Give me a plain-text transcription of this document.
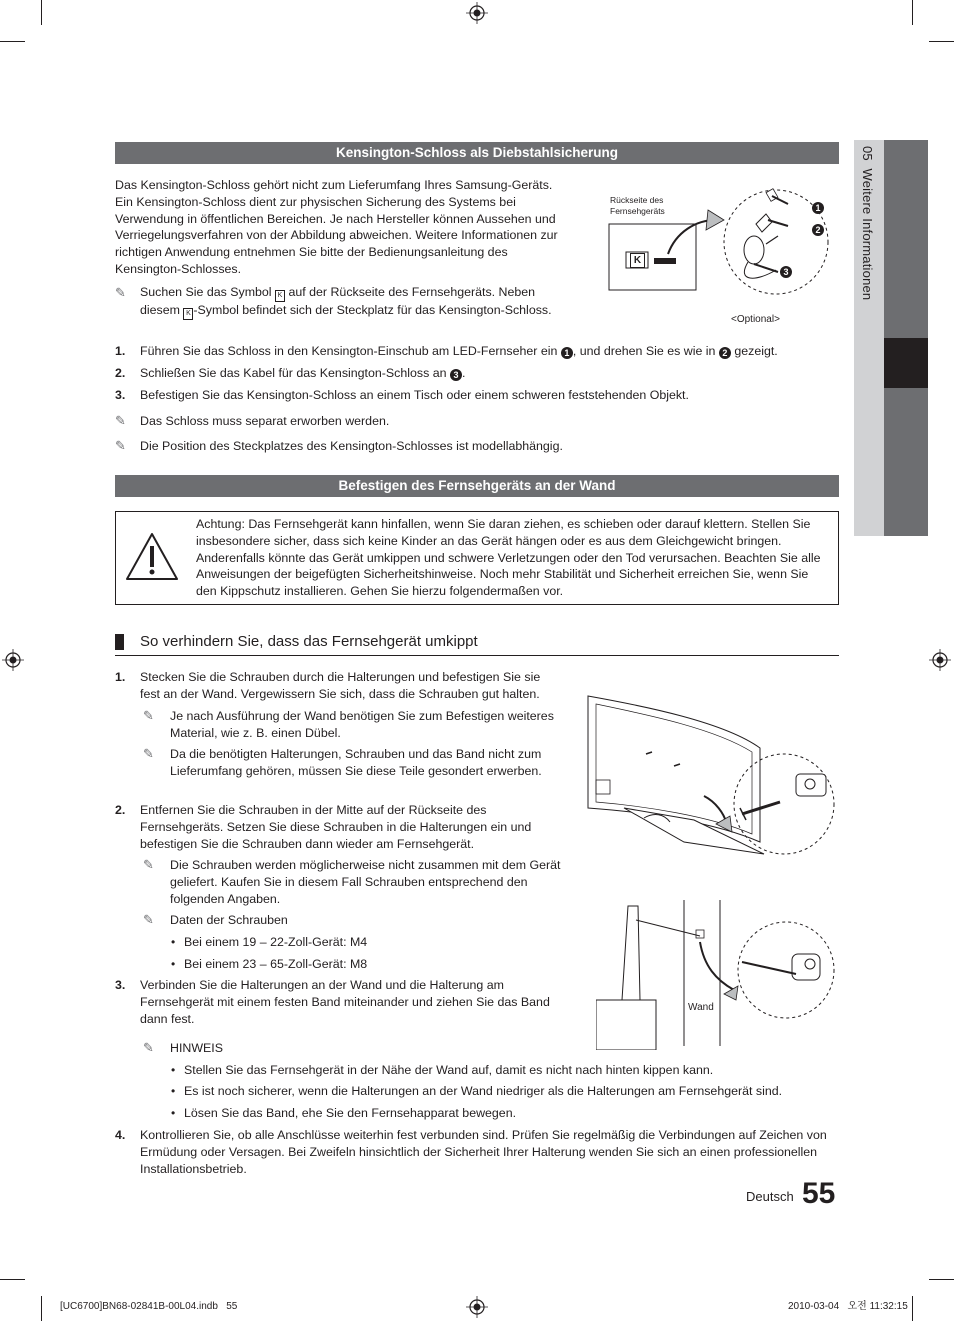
05  Weitere Informationen
Kensington-Schloss als Diebstahlsicherung

Das Kensington-Schloss gehört nicht zum Lieferumfang Ihres Samsung-Geräts. Ein Kensington-Schloss dient zur physischen Sicherung des Systems bei Verwendung in öffentlichen Bereichen. Je nach Hersteller können Aussehen und Verriegelungsverfahren von der Abbildung abweichen. Weitere Informationen zur richtigen Anwendung entnehmen Sie bitte der Bedienungsanleitung des Kensington-Schlosses.

✎ Suchen Sie das Symbol K auf der Rückseite des Fernsehgeräts. Neben diesem K -Symbol befindet sich der Steckplatz für das Kensington-Schloss.

Rückseite des Fernsehgeräts
K
1
2
3
<Optional>
1. Führen Sie das Schloss in den Kensington-Einschub am LED-Fernseher ein 1 , und drehen Sie es wie in 2 gezeigt.

2. Schließen Sie das Kabel für das Kensington-Schloss an 3 .

3. Befestigen Sie das Kensington-Schloss an einem Tisch oder einem schweren feststehenden Objekt.

✎ Das Schloss muss separat erworben werden.

✎ Die Position des Steckplatzes des Kensington-Schlosses ist modellabhängig.

Befestigen des Fernsehgeräts an der Wand

Achtung: Das Fernsehgerät kann hinfallen, wenn Sie daran ziehen, es schieben oder darauf klettern. Stellen Sie insbesondere sicher, dass sich keine Kinder an das Gerät hängen oder es aus dem Gleichgewicht bringen. Anderenfalls könnte das Gerät umkippen und schwere Verletzungen oder den Tod verursachen. Beachten Sie alle Anweisungen der beigefügten Sicherheitshinweise. Noch mehr Stabilität und Sicherheit erreichen Sie, wenn Sie den Kippschutz installieren. Gehen Sie hierzu folgendermaßen vor.

So verhindern Sie, dass das Fernsehgerät umkippt
1. Stecken Sie die Schrauben durch die Halterungen und befestigen Sie sie fest an der Wand. Vergewissern Sie sich, dass die Schrauben gut halten.

✎ Je nach Ausführung der Wand benötigen Sie zum Befestigen weiteres Material, wie z. B. einen Dübel.

✎ Da die benötigten Halterungen, Schrauben und das Band nicht zum Lieferumfang gehören, müssen Sie diese Teile gesondert erwerben.

2. Entfernen Sie die Schrauben in der Mitte auf der Rückseite des Fernsehgeräts. Setzen Sie diese Schrauben in die Halterungen ein und befestigen Sie die Schrauben dann wieder am Fernsehgerät.

✎ Die Schrauben werden möglicherweise nicht zusammen mit dem Gerät geliefert. Kaufen Sie in diesem Fall Schrauben entsprechend den folgenden Angaben.

✎ Daten der Schrauben

• Bei einem 19 – 22-Zoll-Gerät: M4

• Bei einem 23 – 65-Zoll-Gerät: M8

3. Verbinden Sie die Halterungen an der Wand und die Halterung am Fernsehgerät mit einem festen Band miteinander und ziehen Sie das Band dann fest.

✎ HINWEIS

• Stellen Sie das Fernsehgerät in der Nähe der Wand auf, damit es nicht nach hinten kippen kann.

• Es ist noch sicherer, wenn die Halterungen an der Wand niedriger als die Halterungen am Fernsehgerät sind.

• Lösen Sie das Band, ehe Sie den Fernsehapparat bewegen.

4. Kontrollieren Sie, ob alle Anschlüsse weiterhin fest verbunden sind. Prüfen Sie regelmäßig die Verbindungen auf Zeichen von Ermüdung oder Versagen. Bei Zweifeln hinsichtlich der Sicherheit Ihrer Halterung wenden Sie sich an einen professionellen Installationsbetrieb.

Wand
Deutsch 55
[UC6700]BN68-02841B-00L04.indb   55	2010-03-04   오전 11:32:15
